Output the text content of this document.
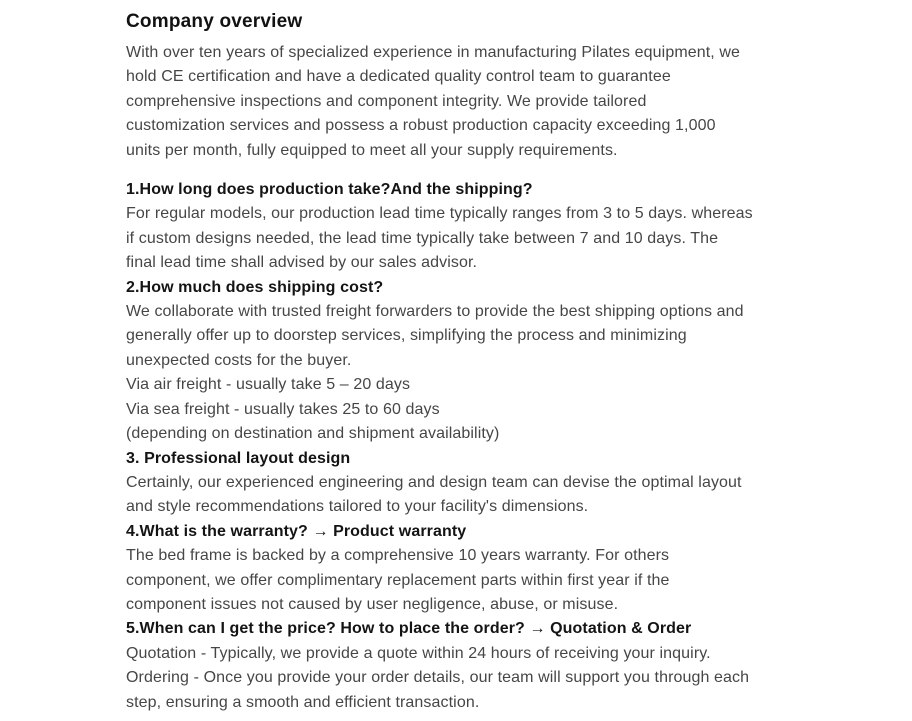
Company overview
With over ten years of specialized experience in manufacturing Pilates equipment, we
hold CE certification and have a dedicated quality control team to guarantee
comprehensive inspections and component integrity. We provide tailored
customization services and possess a robust production capacity exceeding 1,000
units per month, fully equipped to meet all your supply requirements.
1.How long does production take?And the shipping?
For regular models, our production lead time typically ranges from 3 to 5 days. whereas
if custom designs needed, the lead time typically take between 7 and 10 days. The
final lead time shall advised by our sales advisor.
2.How much does shipping cost?
We collaborate with trusted freight forwarders to provide the best shipping options and
generally offer up to doorstep services, simplifying the process and minimizing
unexpected costs for the buyer.
Via air freight - usually take 5 – 20 days
Via sea freight - usually takes 25 to 60 days
(depending on destination and shipment availability)
3. Professional layout design
Certainly, our experienced engineering and design team can devise the optimal layout
and style recommendations tailored to your facility's dimensions.
4.What is the warranty? → Product warranty
The bed frame is backed by a comprehensive 10 years warranty. For others
component, we offer complimentary replacement parts within first year if the
component issues not caused by user negligence, abuse, or misuse.
5.When can I get the price? How to place the order? → Quotation & Order
Quotation - Typically, we provide a quote within 24 hours of receiving your inquiry.
Ordering - Once you provide your order details, our team will support you through each
step, ensuring a smooth and efficient transaction.
